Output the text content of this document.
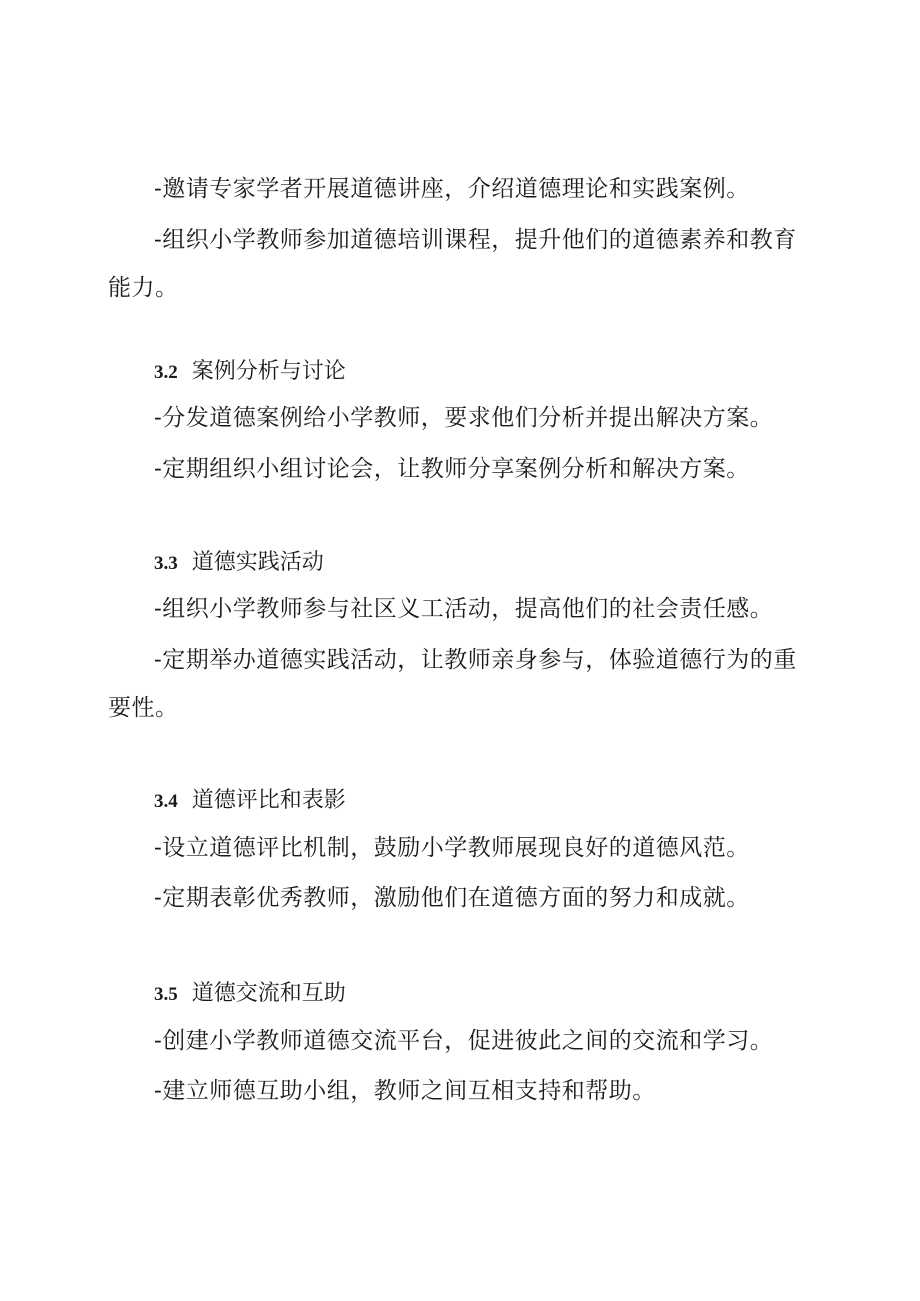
-邀请专家学者开展道德讲座，介绍道德理论和实践案例。

-组织小学教师参加道德培训课程，提升他们的道德素养和教育能力。

3.2 案例分析与讨论

-分发道德案例给小学教师，要求他们分析并提出解决方案。

-定期组织小组讨论会，让教师分享案例分析和解决方案。

3.3 道德实践活动

-组织小学教师参与社区义工活动，提高他们的社会责任感。

-定期举办道德实践活动，让教师亲身参与，体验道德行为的重要性。

3.4 道德评比和表影

-设立道德评比机制，鼓励小学教师展现良好的道德风范。

-定期表彰优秀教师，激励他们在道德方面的努力和成就。

3.5 道德交流和互助

-创建小学教师道德交流平台，促进彼此之间的交流和学习。

-建立师德互助小组，教师之间互相支持和帮助。
